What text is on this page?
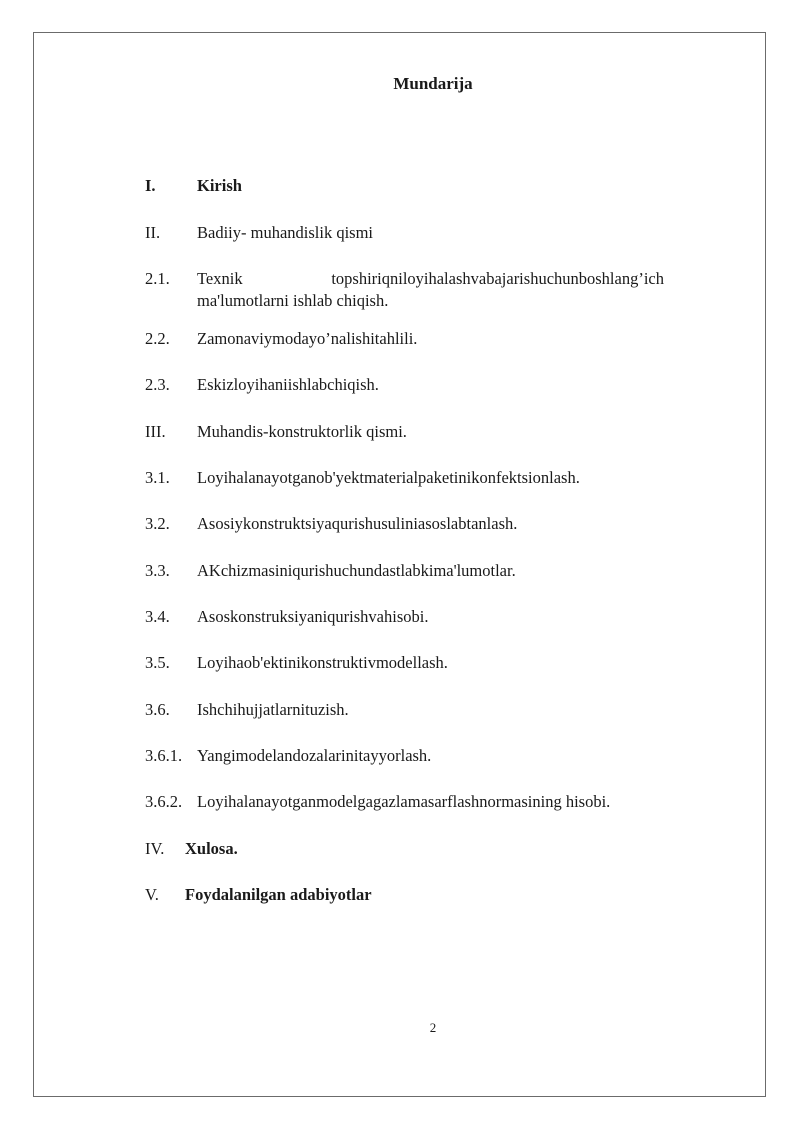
Mundarija
I.	Kirish
II. Badiiy- muhandislik qismi
2.1. Texnik	topshiriqniloyihalashvabajarishuchunboshlang’ich
ma'lumotlarni ishlab chiqish.
2.2. Zamonaviymodayo’nalishitahlili.
2.3. Eskizloyihaniishlabchiqish.
III. Muhandis-konstruktorlik qismi.
3.1. Loyihalanayotganob'yektmaterialpaketinikonfektsionlash.
3.2. Asosiykonstruktsiyaqurishusuliniasoslabtanlash.
3.3. AKchizmasiniqurishuchundastlabkima'lumotlar.
3.4. Asoskonstruksiyaniqurishvahisobi.
3.5. Loyihaob'ektinikonstruktivmodellash.
3.6. Ishchihujjatlarnituzish.
3.6.1. Yangimodelandozalarinitayyorlash.
3.6.2. Loyihalanayotganmodelgagazlamasarflashnormasining hisobi.
IV. Xulosa.
V. Foydalanilgan adabiyotlar
2
